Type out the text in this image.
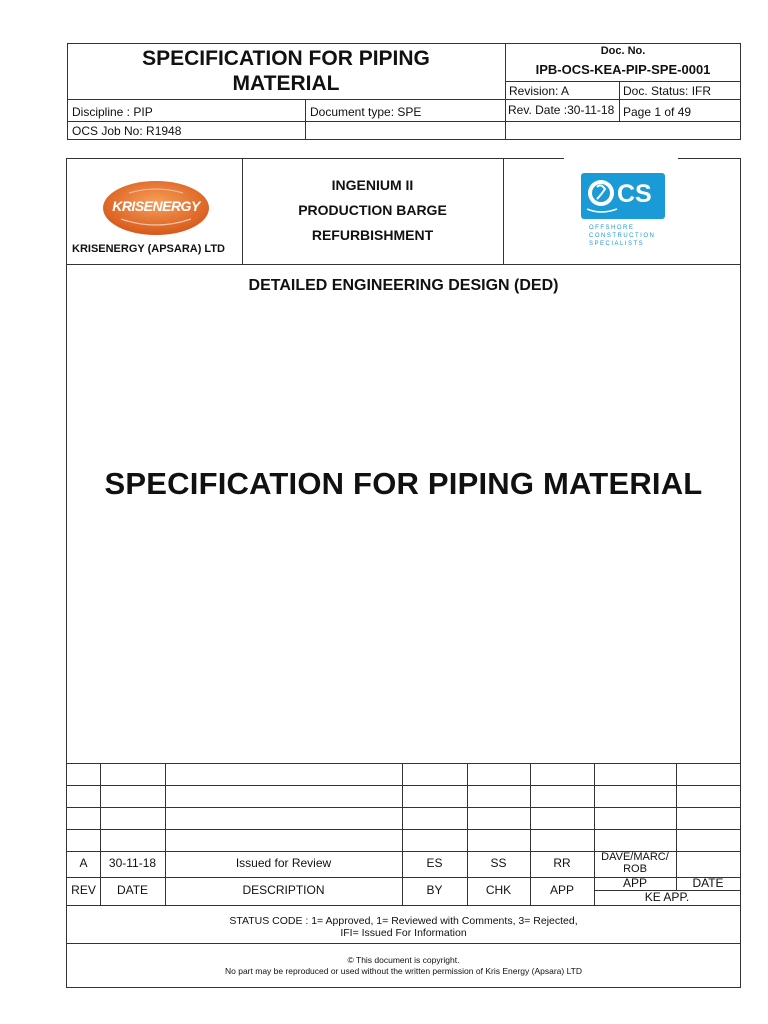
SPECIFICATION FOR PIPING
MATERIAL
Doc. No.
IPB-OCS-KEA-PIP-SPE-0001
Revision: A	Doc. Status: IFR
Discipline : PIP	Document type: SPE	Rev. Date :30-11-18 Page 1 of 49
OCS Job No: R1948
KRISENERGY
KRISENERGY (APSARA) LTD
INGENIUM II
PRODUCTION BARGE
REFURBISHMENT
CS
OFFSHORE
CONSTRUCTION
SPECIALISTS
DETAILED ENGINEERING DESIGN (DED)
SPECIFICATION FOR PIPING MATERIAL
A	30-11-18	Issued for Review	ES	SS	RR	DAVE/MARC/
ROB
REV	DATE	DESCRIPTION	BY	CHK	APP	APP	DATE
KE APP.
STATUS CODE : 1= Approved, 1= Reviewed with Comments, 3= Rejected,
IFI= Issued For Information
© This document is copyright.
No part may be reproduced or used without the written permission of Kris Energy (Apsara) LTD
